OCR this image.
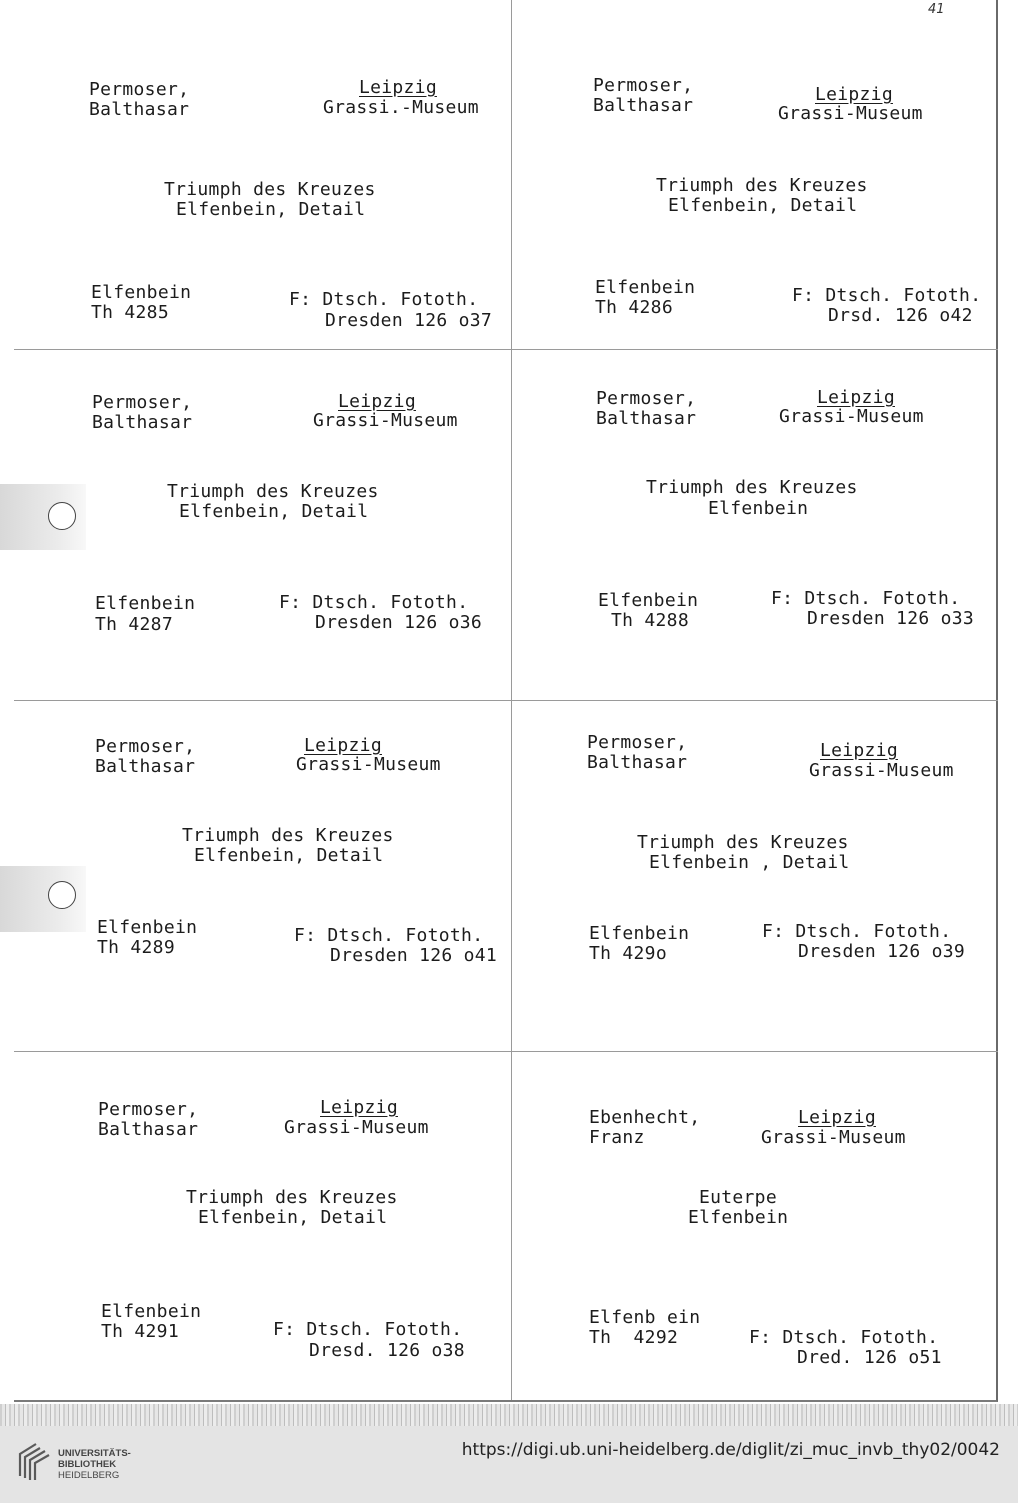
41
Permoser,
Balthasar
Leipzig
Grassi.-Museum
Triumph des Kreuzes
Elfenbein, Detail
Elfenbein
Th 4285
F: Dtsch. Fototh.
Dresden 126 o37
Permoser,
Balthasar
Leipzig
Grassi-Museum
Triumph des Kreuzes
Elfenbein, Detail
Elfenbein
Th 4286
F: Dtsch. Fototh.
Drsd. 126 o42
Permoser,
Balthasar
Leipzig
Grassi-Museum
Triumph des Kreuzes
Elfenbein, Detail
Elfenbein
Th 4287
F: Dtsch. Fototh.
Dresden 126 o36
Permoser,
Balthasar
Leipzig
Grassi-Museum
Triumph des Kreuzes
Elfenbein
Elfenbein
Th 4288
F: Dtsch. Fototh.
Dresden 126 o33
Permoser,
Balthasar
Leipzig
Grassi-Museum
Triumph des Kreuzes
Elfenbein, Detail
Elfenbein
Th 4289
F: Dtsch. Fototh.
Dresden 126 o41
Permoser,
Balthasar
Leipzig
Grassi-Museum
Triumph des Kreuzes
Elfenbein , Detail
Elfenbein
Th 429o
F: Dtsch. Fototh.
Dresden 126 o39
Permoser,
Balthasar
Leipzig
Grassi-Museum
Triumph des Kreuzes
Elfenbein, Detail
Elfenbein
Th 4291	F: Dtsch. Fototh.
Dresd. 126 o38
Ebenhecht,
Franz
Leipzig
Grassi-Museum
Euterpe
Elfenbein
Elfenb ein
Th  4292	F: Dtsch. Fototh.
Dred. 126 o51
UNIVERSITÄTS-
BIBLIOTHEK
HEIDELBERG
https://digi.ub.uni-heidelberg.de/diglit/zi_muc_invb_thy02/0042
